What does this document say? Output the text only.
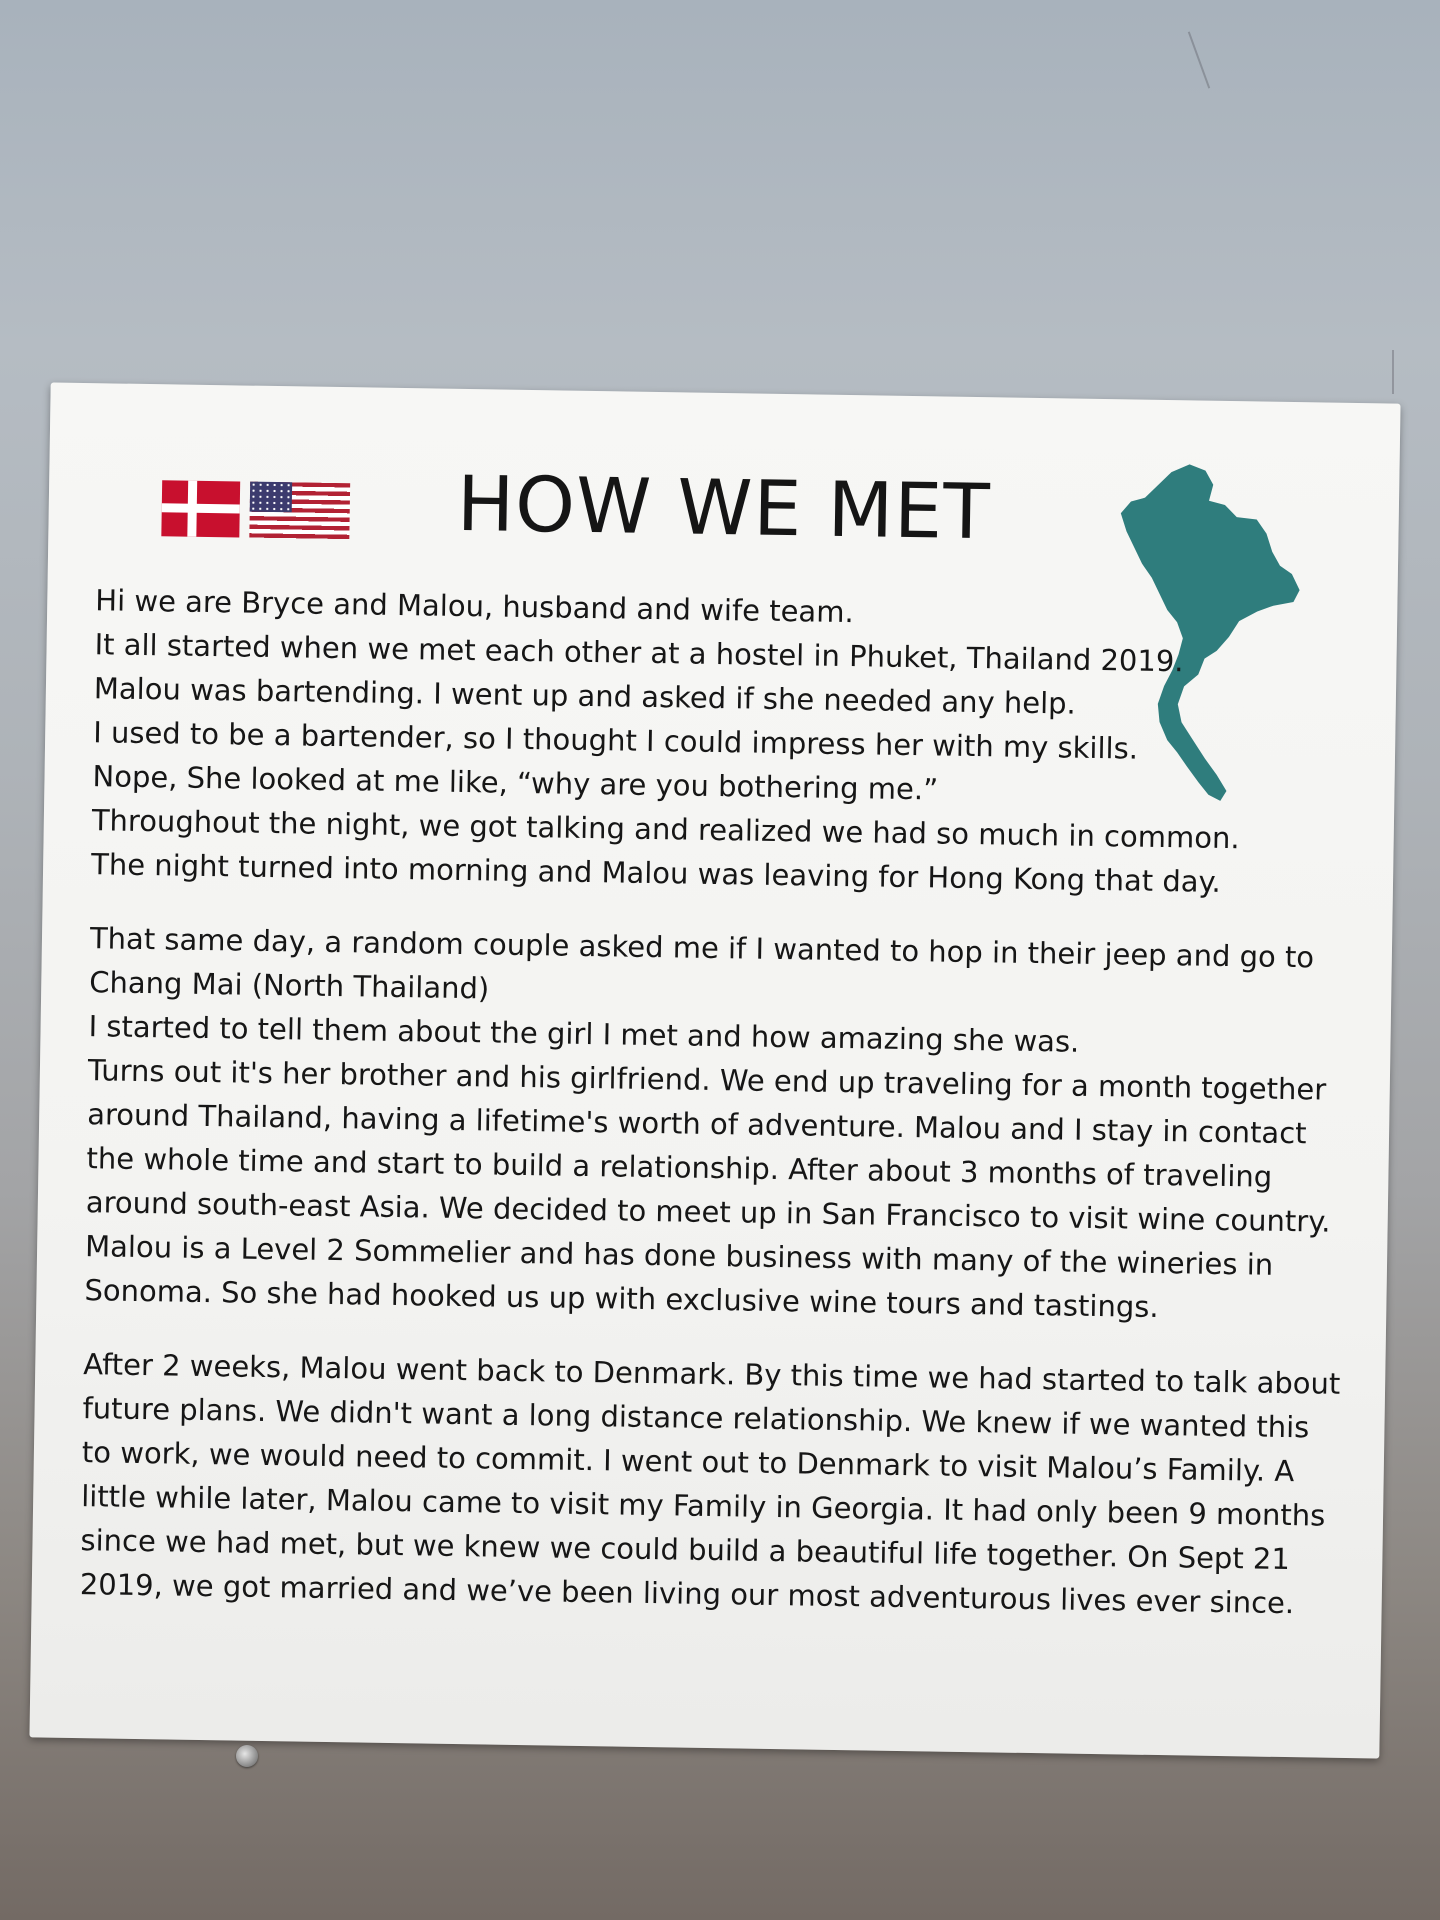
HOW WE MET
Hi we are Bryce and Malou, husband and wife team.
It all started when we met each other at a hostel in Phuket, Thailand 2019.
Malou was bartending. I went up and asked if she needed any help.
I used to be a bartender, so I thought I could impress her with my skills.
Nope, She looked at me like, “why are you bothering me.”
Throughout the night, we got talking and realized we had so much in common.
The night turned into morning and Malou was leaving for Hong Kong that day.
That same day, a random couple asked me if I wanted to hop in their jeep and go to
Chang Mai (North Thailand)
I started to tell them about the girl I met and how amazing she was.
Turns out it's her brother and his girlfriend. We end up traveling for a month together
around Thailand, having a lifetime's worth of adventure. Malou and I stay in contact
the whole time and start to build a relationship. After about 3 months of traveling
around south-east Asia. We decided to meet up in San Francisco to visit wine country.
Malou is a Level 2 Sommelier and has done business with many of the wineries in
Sonoma. So she had hooked us up with exclusive wine tours and tastings.
After 2 weeks, Malou went back to Denmark. By this time we had started to talk about
future plans. We didn't want a long distance relationship. We knew if we wanted this
to work, we would need to commit. I went out to Denmark to visit Malou’s Family. A
little while later, Malou came to visit my Family in Georgia. It had only been 9 months
since we had met, but we knew we could build a beautiful life together. On Sept 21
2019, we got married and we’ve been living our most adventurous lives ever since.
